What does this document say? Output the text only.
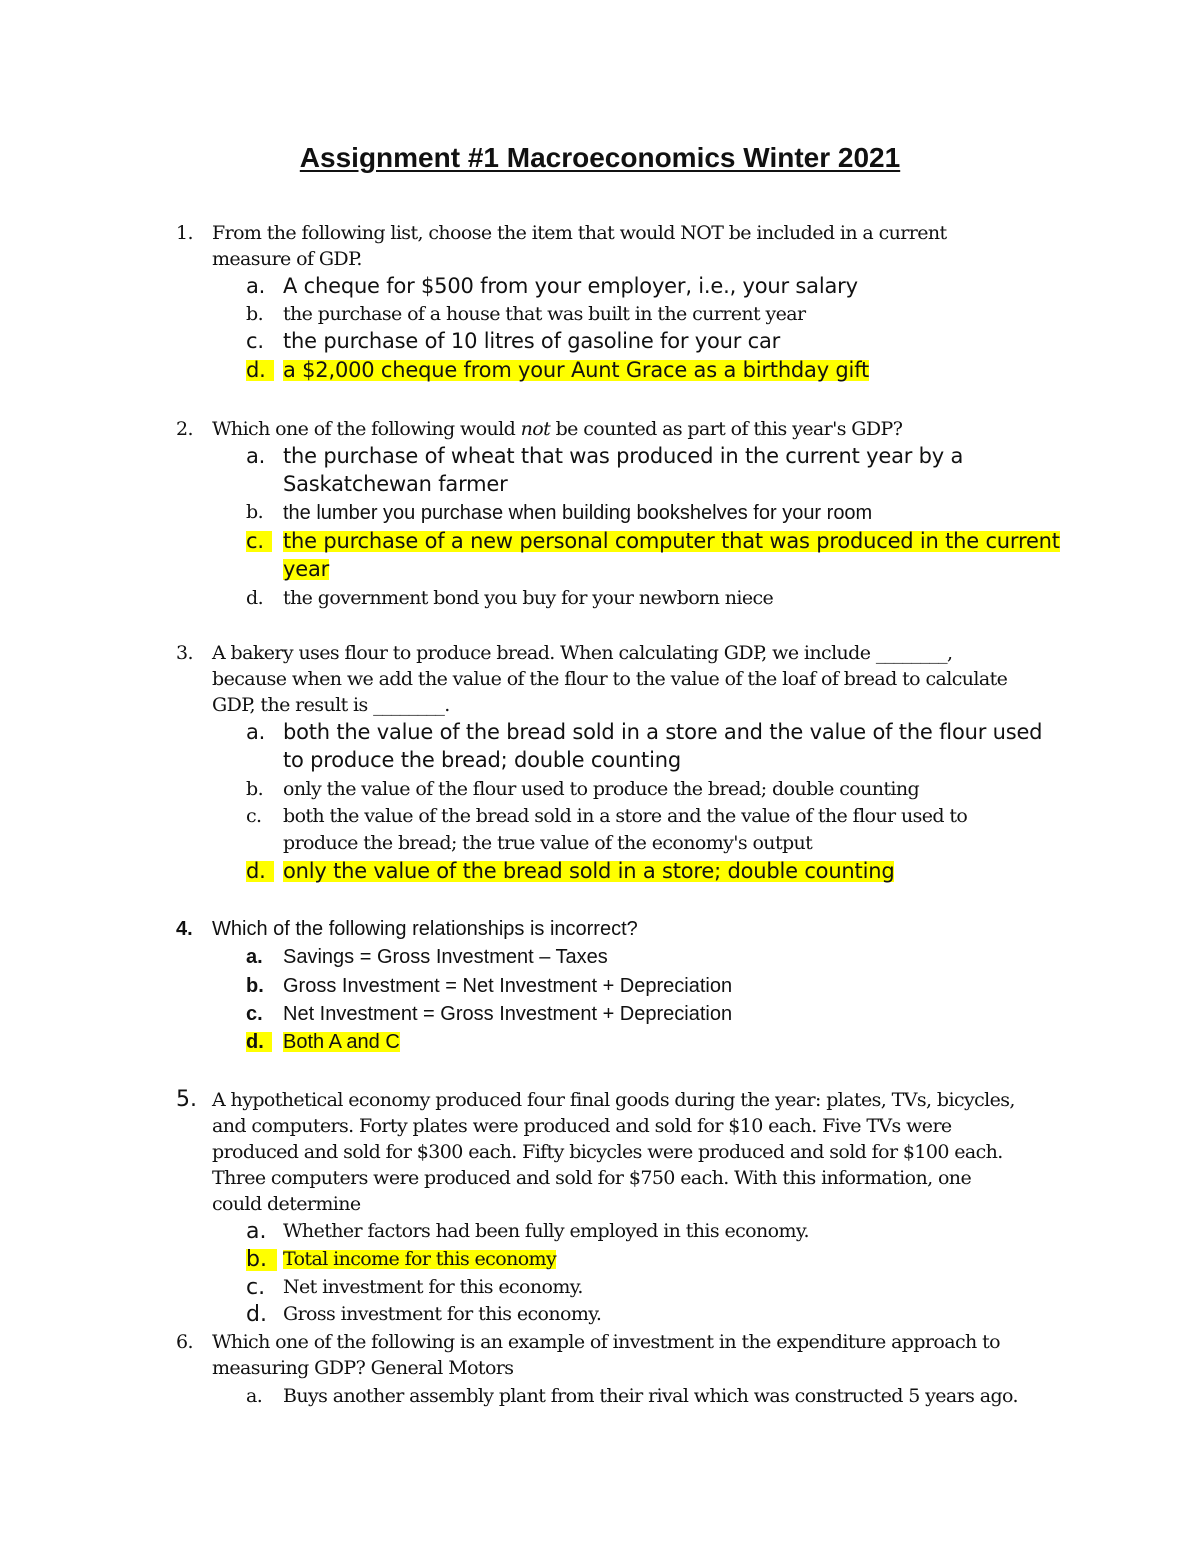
Assignment #1 Macroeconomics Winter 2021
1. From the following list, choose the item that would NOT be included in a current
measure of GDP.
a. A cheque for $500 from your employer, i.e., your salary
b. the purchase of a house that was built in the current year
c. the purchase of 10 litres of gasoline for your car
d. a $2,000 cheque from your Aunt Grace as a birthday gift
2. Which one of the following would not be counted as part of this year's GDP?
a. the purchase of wheat that was produced in the current year by a
Saskatchewan farmer
b. the lumber you purchase when building bookshelves for your room
c. the purchase of a new personal computer that was produced in the current
year
d. the government bond you buy for your newborn niece
3. A bakery uses flour to produce bread. When calculating GDP, we include ________,
because when we add the value of the flour to the value of the loaf of bread to calculate
GDP, the result is ________.
a. both the value of the bread sold in a store and the value of the flour used
to produce the bread; double counting
b. only the value of the flour used to produce the bread; double counting
c. both the value of the bread sold in a store and the value of the flour used to
produce the bread; the true value of the economy's output
d. only the value of the bread sold in a store; double counting
4. Which of the following relationships is incorrect?
a. Savings = Gross Investment – Taxes
b. Gross Investment = Net Investment + Depreciation
c. Net Investment = Gross Investment + Depreciation
d. Both A and C
5. A hypothetical economy produced four final goods during the year: plates, TVs, bicycles,
and computers. Forty plates were produced and sold for $10 each. Five TVs were
produced and sold for $300 each. Fifty bicycles were produced and sold for $100 each.
Three computers were produced and sold for $750 each. With this information, one
could determine
a. Whether factors had been fully employed in this economy.
b. Total income for this economy
c. Net investment for this economy.
d. Gross investment for this economy.
6. Which one of the following is an example of investment in the expenditure approach to
measuring GDP? General Motors
a. Buys another assembly plant from their rival which was constructed 5 years ago.
